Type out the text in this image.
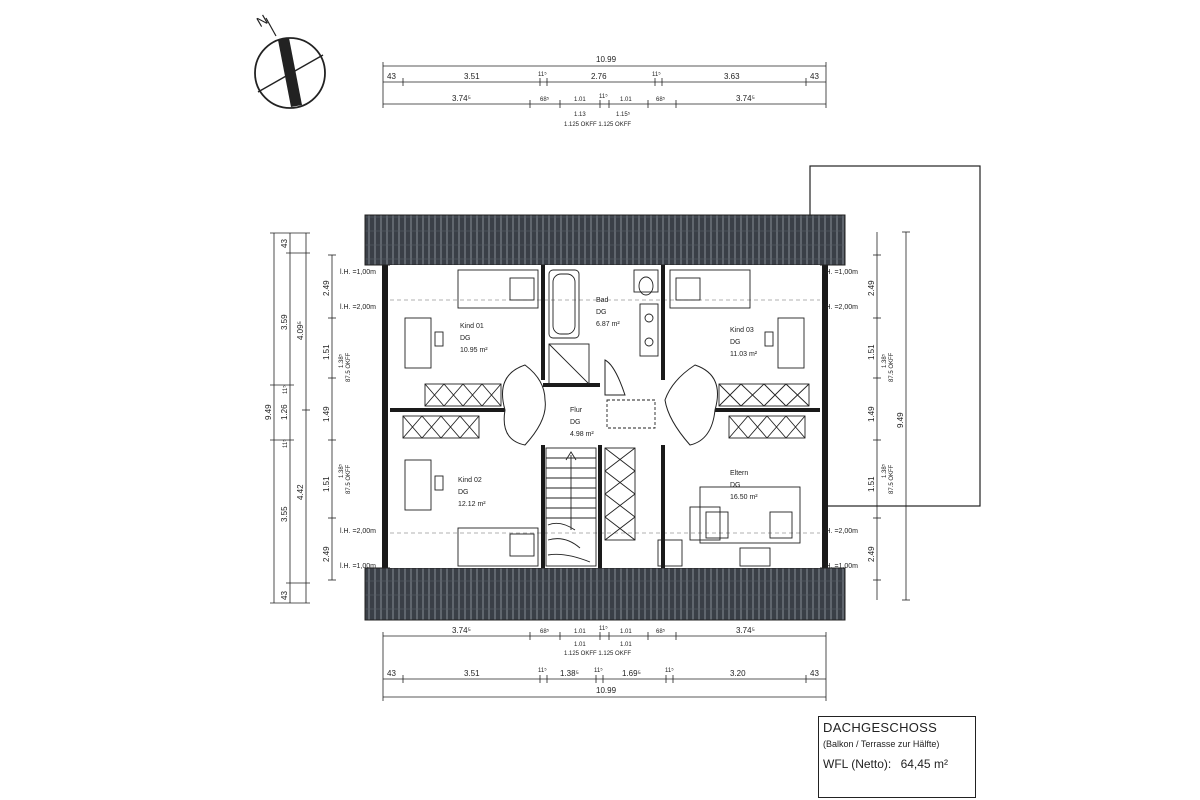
N
Kind 01
DG
10.95 m²
Bad
DG
6.87 m²
Kind 03
DG
11.03 m²
Flur
DG
4.98 m²
Kind 02
DG
12.12 m²
Eltern
DG
16.50 m²
l.H. =1,00m
l.H. =2,00m
l.H. =2,00m
l.H. =1,00m
l.H. =1,00m
l.H. =2,00m
l.H. =2,00m
l.H. =1,00m
10.99
43	3.51	11⁵	2.76	11⁵	3.63	43
3.74⁵	68⁵	1.01 11⁵ 1.01	68⁵	3.74⁵
1.13	1.15⁵
1.125 OKFF 1.125 OKFF
3.74⁵	68⁵	1.01 11⁵ 1.01	68⁵	3.74⁵
1.01	1.01
1.125 OKFF 1.125 OKFF
43	3.51	11⁵ 1.38⁵	11⁵ 1.69⁵	11⁵	3.20	43
10.99
9.49
11⁵
1.26
11⁵
43
3.59
3.55
43
4.09⁵
4.42
2.49
1.51
1.49
1.51
2.49
1.38⁵ 87.5 OKFF
1.38⁵ 87.5 OKFF
2.49
1.51
1.49
1.51
2.49
9.49
1.38⁵ 87.5 OKFF
1.38⁵ 87.5 OKFF
DACHGESCHOSS
(Balkon / Terrasse zur Hälfte)
WFL (Netto): 64,45 m²
